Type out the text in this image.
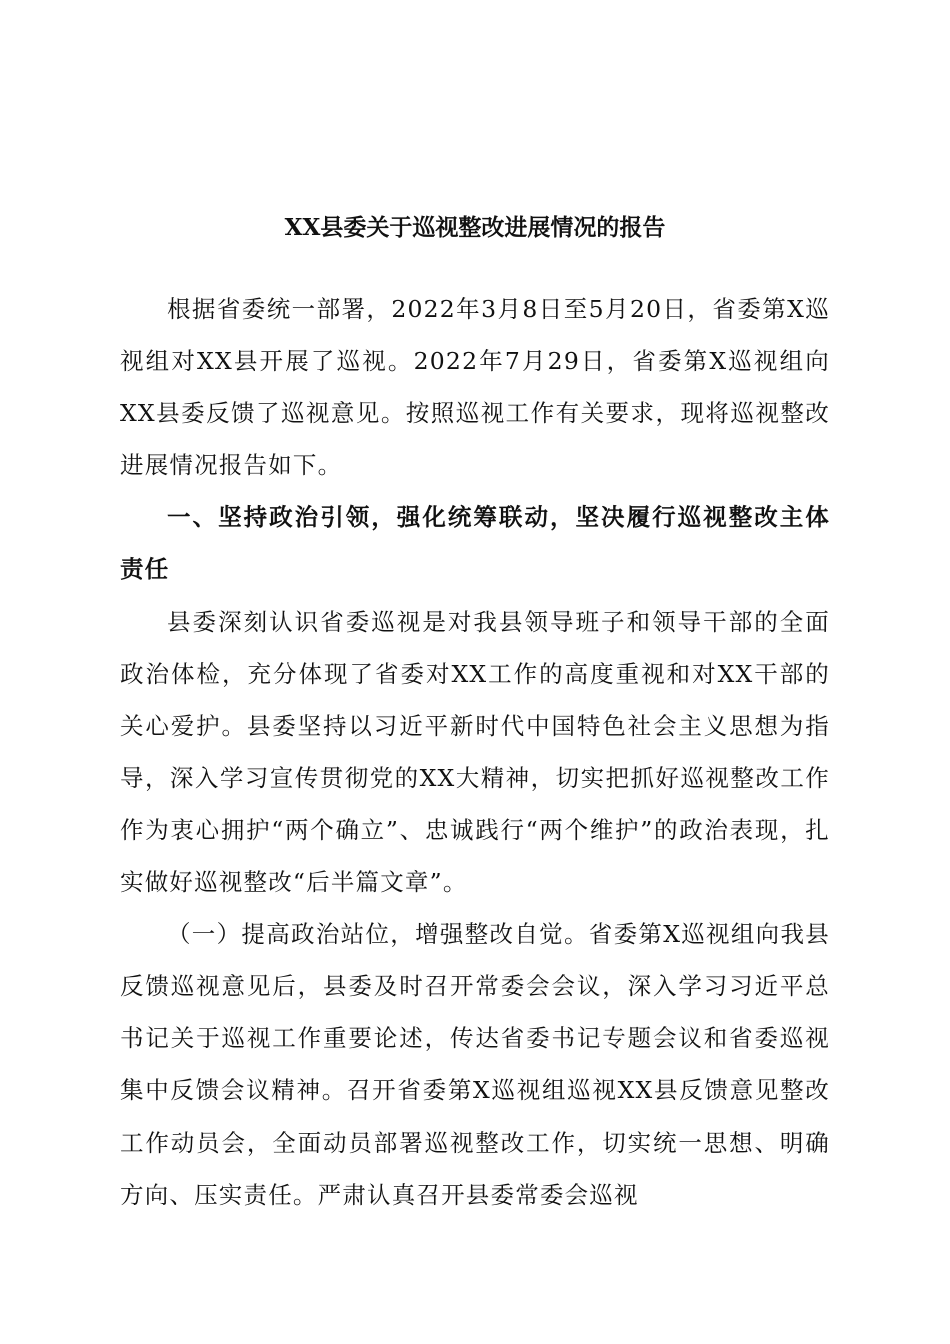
XX县委关于巡视整改进展情况的报告

根据省委统一部署，2022年3月8日至5月20日，省委第X巡视组对XX县开展了巡视。2022年7月29日，省委第X巡视组向XX县委反馈了巡视意见。按照巡视工作有关要求，现将巡视整改进展情况报告如下。

一、坚持政治引领，强化统筹联动，坚决履行巡视整改主体责任

县委深刻认识省委巡视是对我县领导班子和领导干部的全面政治体检，充分体现了省委对XX工作的高度重视和对XX干部的关心爱护。县委坚持以习近平新时代中国特色社会主义思想为指导，深入学习宣传贯彻党的XX大精神，切实把抓好巡视整改工作作为衷心拥护“两个确立”、忠诚践行“两个维护”的政治表现，扎实做好巡视整改“后半篇文章”。

（一）提高政治站位，增强整改自觉。省委第X巡视组向我县反馈巡视意见后，县委及时召开常委会会议，深入学习习近平总书记关于巡视工作重要论述，传达省委书记专题会议和省委巡视集中反馈会议精神。召开省委第X巡视组巡视XX县反馈意见整改工作动员会，全面动员部署巡视整改工作，切实统一思想、明确方向、压实责任。严肃认真召开县委常委会巡视
